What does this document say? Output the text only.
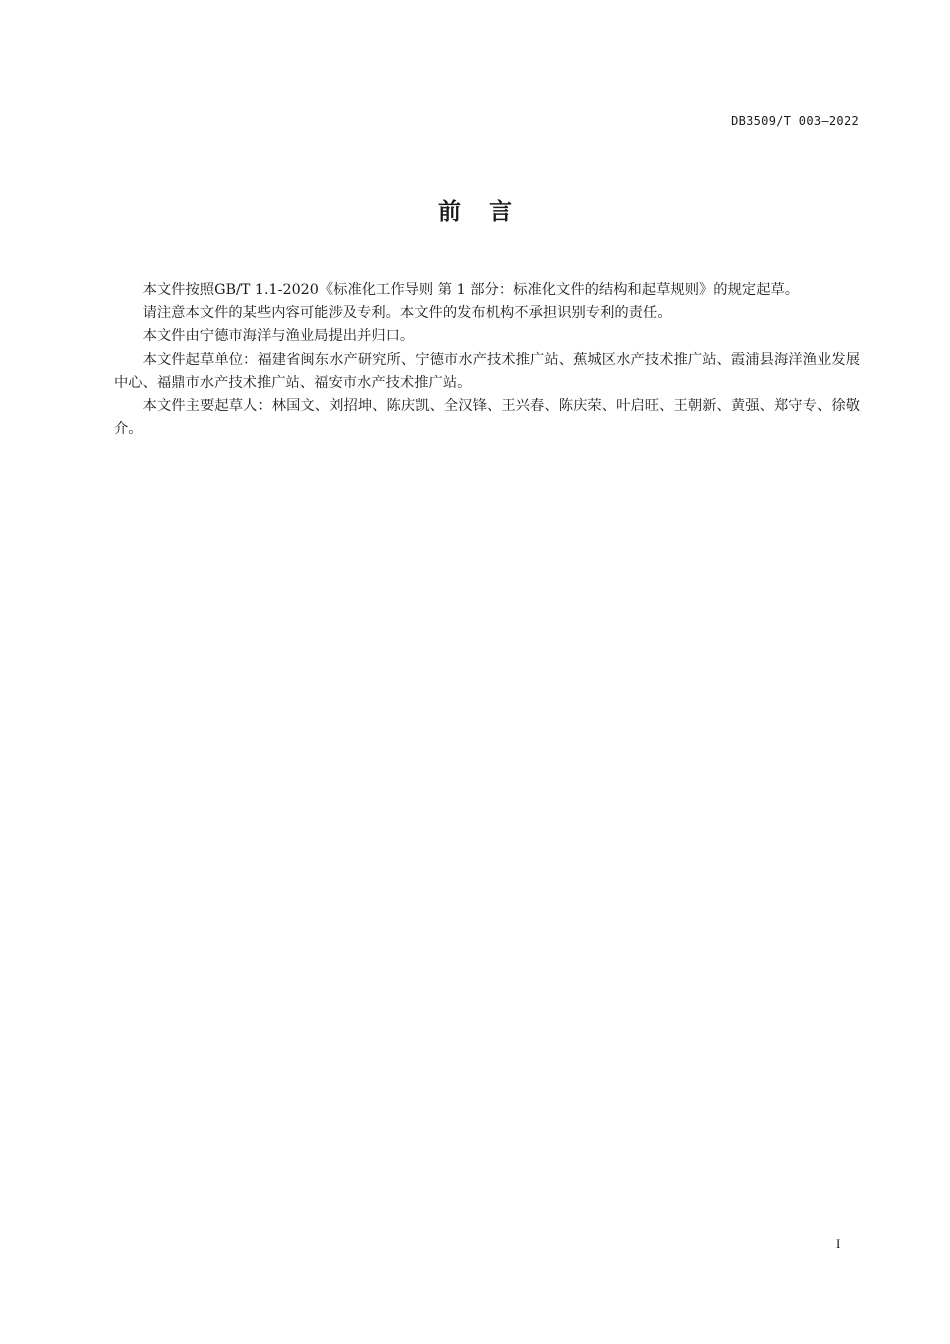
DB3509/T 003—2022
前言

本文件按照GB/T 1.1-2020《标准化工作导则 第 1 部分：标准化文件的结构和起草规则》的规定起草。

请注意本文件的某些内容可能涉及专利。本文件的发布机构不承担识别专利的责任。

本文件由宁德市海洋与渔业局提出并归口。

本文件起草单位：福建省闽东水产研究所、宁德市水产技术推广站、蕉城区水产技术推广站、霞浦县海洋渔业发展中心、福鼎市水产技术推广站、福安市水产技术推广站。

本文件主要起草人：林国文、刘招坤、陈庆凯、全汉锋、王兴春、陈庆荣、叶启旺、王朝新、黄强、郑守专、徐敬介。

I
